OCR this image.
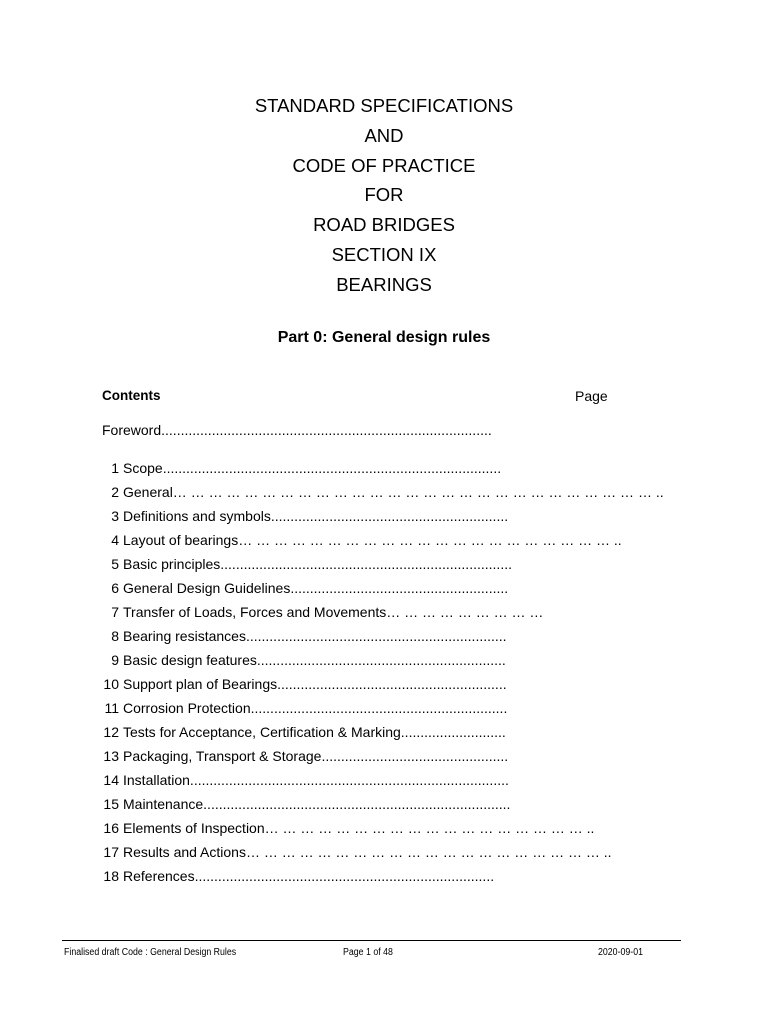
STANDARD SPECIFICATIONS
AND
CODE OF PRACTICE
FOR
ROAD BRIDGES
SECTION IX
BEARINGS
Part 0: General design rules
Contents	Page
Foreword.....................................................................................
1 Scope.......................................................................................
2 General… … … … … … … … … … … … … … … … … … … … … … … … … … … ..
3 Definitions and symbols.............................................................
4 Layout of bearings… … … … … … … … … … … … … … … … … … … … … ..
5 Basic principles...........................................................................
6 General Design Guidelines........................................................
7 Transfer of Loads, Forces and Movements… … … … … … … … …
8 Bearing resistances...................................................................
9 Basic design features................................................................
10 Support plan of Bearings...........................................................
11 Corrosion Protection..................................................................
12 Tests for Acceptance, Certification & Marking...........................
13 Packaging, Transport & Storage................................................
14 Installation..................................................................................
15 Maintenance...............................................................................
16 Elements of Inspection… … … … … … … … … … … … … … … … … … ..
17 Results and Actions… … … … … … … … … … … … … … … … … … … … ..
18 References.............................................................................
Finalised draft Code : General Design Rules	Page 1 of 48	2020-09-01
